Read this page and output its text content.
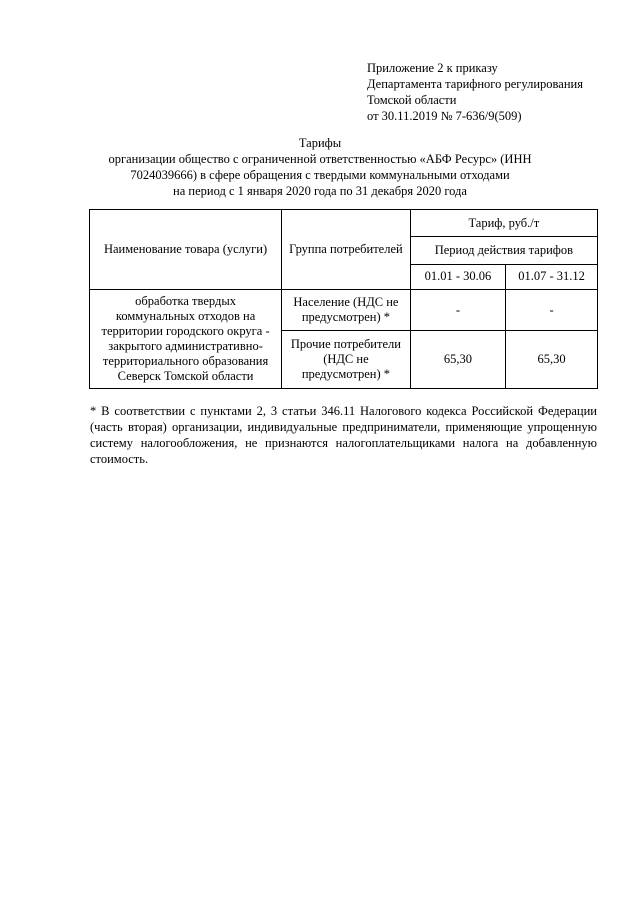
Приложение 2 к приказу
Департамента тарифного регулирования
Томской области
от 30.11.2019 № 7-636/9(509)
Тарифы
организации общество с ограниченной ответственностью «АБФ Ресурс» (ИНН
7024039666) в сфере обращения с твердыми коммунальными отходами
на период с 1 января 2020 года по 31 декабря 2020 года
Наименование товара (услуги)	Группа потребителей	Тариф, руб./т	
		Период действия тарифов	
		01.01 - 30.06	01.07 - 31.12
обработка твердых коммунальных отходов на территории городского округа - закрытого административно-территориального образования Северск Томской области	Население (НДС не предусмотрен) *	-	-
	Прочие потребители (НДС не предусмотрен) *	65,30	65,30
* В соответствии с пунктами 2, 3 статьи 346.11 Налогового кодекса Российской Федерации (часть вторая) организации, индивидуальные предприниматели, применяющие упрощенную систему налогообложения, не признаются налогоплательщиками налога на добавленную стоимость.
